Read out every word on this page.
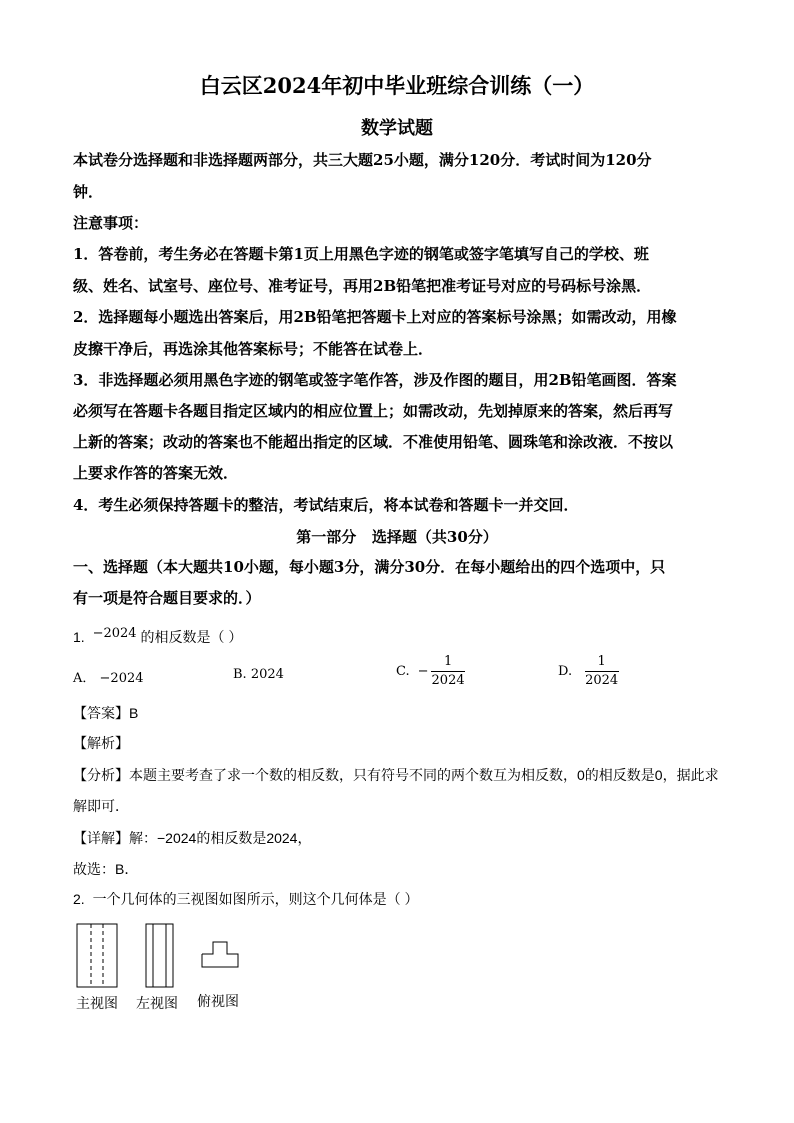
白云区2024年初中毕业班综合训练（一）
数学试题
本试卷分选择题和非选择题两部分，共三大题25小题，满分120分．考试时间为120分
钟．
注意事项：
1．答卷前，考生务必在答题卡第1页上用黑色字迹的钢笔或签字笔填写自己的学校、班
级、姓名、试室号、座位号、准考证号，再用2B铅笔把准考证号对应的号码标号涂黑．
2．选择题每小题选出答案后，用2B铅笔把答题卡上对应的答案标号涂黑；如需改动，用橡
皮擦干净后，再选涂其他答案标号；不能答在试卷上．
3．非选择题必须用黑色字迹的钢笔或签字笔作答，涉及作图的题目，用2B铅笔画图．答案
必须写在答题卡各题目指定区域内的相应位置上；如需改动，先划掉原来的答案，然后再写
上新的答案；改动的答案也不能超出指定的区域．不准使用铅笔、圆珠笔和涂改液．不按以
上要求作答的答案无效．
4．考生必须保持答题卡的整洁，考试结束后，将本试卷和答题卡一并交回．
第一部分   选择题（共30分）
一、选择题（本大题共10小题，每小题3分，满分30分．在每小题给出的四个选项中，只
有一项是符合题目要求的．）
1. −2024 的相反数是（ ）
A． −2024	B. 2024	C. − $\frac{1}{2024}$	D. $\frac{1}{2024}$
【答案】B
【解析】
【分析】本题主要考查了求一个数的相反数，只有符号不同的两个数互为相反数，0的相反数是0，据此求
解即可．
【详解】解：−2024的相反数是2024，
故选：B．
2. 一个几何体的三视图如图所示，则这个几何体是（ ）
主视图 左视图 俯视图
